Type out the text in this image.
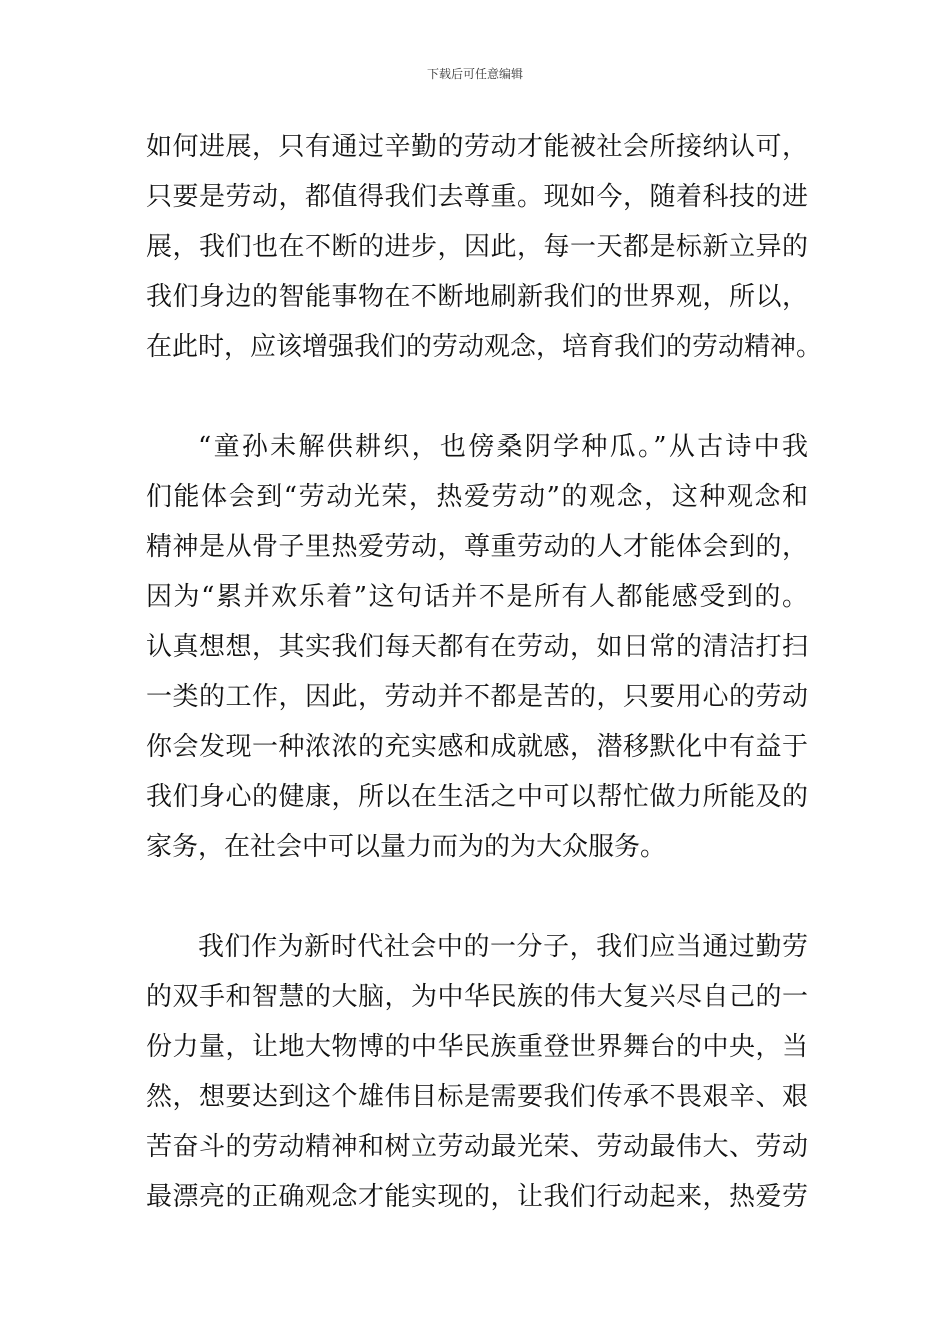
下载后可任意编辑
如何进展，只有通过辛勤的劳动才能被社会所接纳认可，
只要是劳动，都值得我们去尊重。现如今，随着科技的进
展，我们也在不断的进步，因此，每一天都是标新立异的
我们身边的智能事物在不断地刷新我们的世界观，所以，
在此时，应该增强我们的劳动观念，培育我们的劳动精神。
“童孙未解供耕织，也傍桑阴学种瓜。”从古诗中我
们能体会到“劳动光荣，热爱劳动”的观念，这种观念和
精神是从骨子里热爱劳动，尊重劳动的人才能体会到的，
因为“累并欢乐着”这句话并不是所有人都能感受到的。
认真想想，其实我们每天都有在劳动，如日常的清洁打扫
一类的工作，因此，劳动并不都是苦的，只要用心的劳动
你会发现一种浓浓的充实感和成就感，潜移默化中有益于
我们身心的健康，所以在生活之中可以帮忙做力所能及的
家务，在社会中可以量力而为的为大众服务。
我们作为新时代社会中的一分子，我们应当通过勤劳
的双手和智慧的大脑，为中华民族的伟大复兴尽自己的一
份力量，让地大物博的中华民族重登世界舞台的中央，当
然，想要达到这个雄伟目标是需要我们传承不畏艰辛、艰
苦奋斗的劳动精神和树立劳动最光荣、劳动最伟大、劳动
最漂亮的正确观念才能实现的，让我们行动起来，热爱劳
